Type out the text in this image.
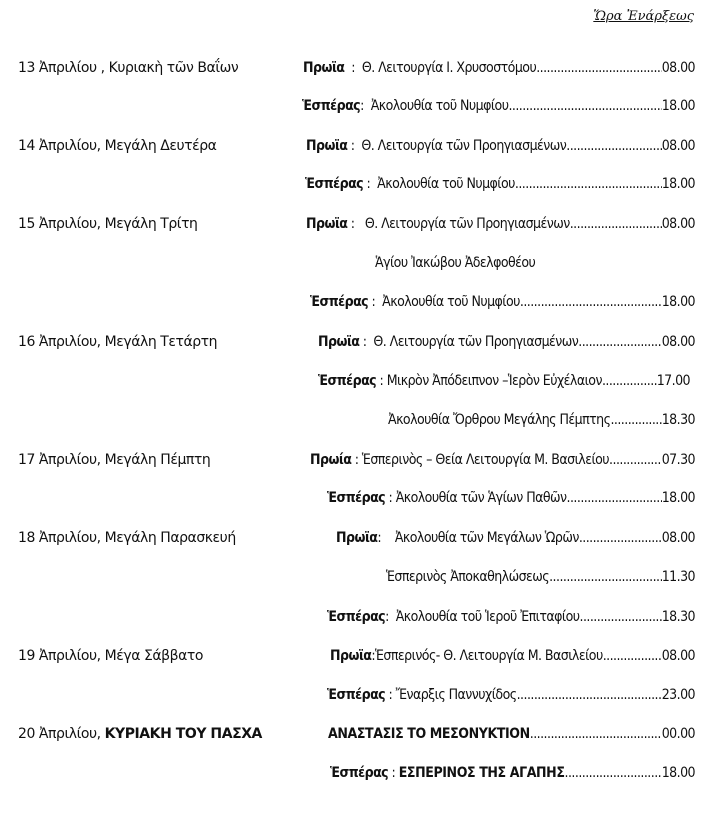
Ὥρα Ἐνάρξεως
13 Ἀπριλίου , Κυριακὴ τῶν Βαΐων	Πρωϊα : Θ. Λειτουργία Ι. Χρυσοστόμου .....	08.00
Ἑσπέρας : Ἀκολουθία τοῦ Νυμφίου .....	18.00
14 Ἀπριλίου, Μεγάλη Δευτέρα	Πρωϊα : Θ. Λειτουργία τῶν Προηγιασμένων .....	08.00
Ἑσπέρας : Ἀκολουθία τοῦ Νυμφίου .....	18.00
15 Ἀπριλίου, Μεγάλη Τρίτη	Πρωϊα : Θ. Λειτουργία τῶν Προηγιασμένων .....	08.00
Ἁγίου Ἰακώβου Ἀδελφοθέου
Ἑσπέρας : Ἀκολουθία τοῦ Νυμφίου .....	18.00
16 Ἀπριλίου, Μεγάλη Τετάρτη	Πρωϊα : Θ. Λειτουργία τῶν Προηγιασμένων .....	08.00
Ἑσπέρας : Μικρὸν Ἀπόδειπνον –Ἱερὸν Εὐχέλαιον .....	17.00
Ἀκολουθία Ὄρθρου Μεγάλης Πέμπτης .....	18.30
17 Ἀπριλίου, Μεγάλη Πέμπτη	Πρωία : Ἑσπερινὸς – Θεία Λειτουργία Μ. Βασιλείου .....	07.30
Ἑσπέρας : Ἀκολουθία τῶν Ἁγίων Παθῶν .....	18.00
18 Ἀπριλίου, Μεγάλη Παρασκευή	Πρωϊα : Ἀκολουθία τῶν Μεγάλων Ὡρῶν .....	08.00
Ἑσπερινὸς Ἀποκαθηλώσεως .....	11.30
Ἑσπέρας : Ἀκολουθία τοῦ Ἱεροῦ Ἐπιταφίου .....	18.30
19 Ἀπριλίου, Μέγα Σάββατο	Πρωϊα : Ἑσπερινός- Θ. Λειτουργία Μ. Βασιλείου .....	08.00
Ἑσπέρας : Ἔναρξις Παννυχίδος .....	23.00
20 Ἀπριλίου, ΚΥΡΙΑΚΗ ΤΟΥ ΠΑΣΧΑ	ΑΝΑΣΤΑΣΙΣ ΤΟ ΜΕΣΟΝΥΚΤΙΟΝ .....	00.00
Ἑσπέρας : ΕΣΠΕΡΙΝΟΣ ΤΗΣ ΑΓΑΠΗΣ .....	18.00
